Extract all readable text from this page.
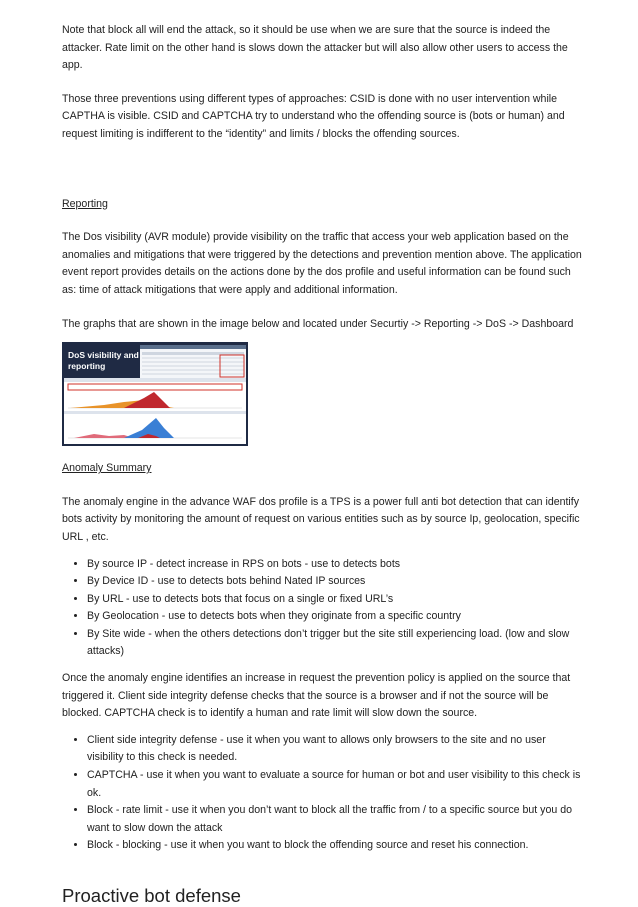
Note that block all will end the attack, so it should be use when we are sure that the source is indeed the attacker. Rate limit on the other hand is slows down the attacker but will also allow other users to access the app.

Those three preventions using different types of approaches: CSID is done with no user intervention while CAPTHA is visible. CSID and CAPTCHA try to understand who the offending source is (bots or human) and request limiting is indifferent to the “identity” and limits / blocks the offending sources.

Reporting

The Dos visibility (AVR module) provide visibility on the traffic that access your web application based on the anomalies and mitigations that were triggered by the detections and prevention mention above. The application event report provides details on the actions done by the dos profile and useful information can be found such as: time of attack mitigations that were apply and additional information.

The graphs that are shown in the image below and located under Securtiy -> Reporting -> DoS -> Dashboard

DoS visibility and reporting

Anomaly Summary

The anomaly engine in the advance WAF dos profile is a TPS is a power full anti bot detection that can identify bots activity by monitoring the amount of request on various entities such as by source Ip, geolocation, specific URL , etc.

• By source IP - detect increase in RPS on bots - use to detects bots
• By Device ID - use to detects bots behind Nated IP sources
• By URL - use to detects bots that focus on a single or fixed URL’s
• By Geolocation - use to detects bots when they originate from a specific country
• By Site wide - when the others detections don’t trigger but the site still experiencing load. (low and slow attacks)

Once the anomaly engine identifies an increase in request the prevention policy is applied on the source that triggered it. Client side integrity defense checks that the source is a browser and if not the source will be blocked. CAPTCHA check is to identify a human and rate limit will slow down the source.

• Client side integrity defense - use it when you want to allows only browsers to the site and no user visibility to this check is needed.
• CAPTCHA - use it when you want to evaluate a source for human or bot and user visibility to this check is ok.
• Block - rate limit - use it when you don’t want to block all the traffic from / to a specific source but you do want to slow down the attack
• Block - blocking - use it when you want to block the offending source and reset his connection.
Proactive bot defense
